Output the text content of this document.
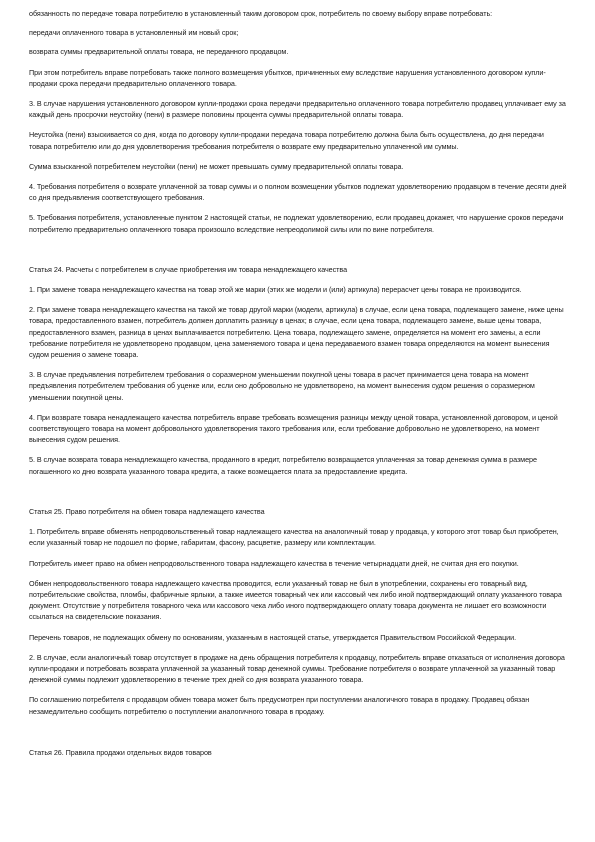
обязанность по передаче товара потребителю в установленный таким договором срок, потребитель по своему выбору вправе потребовать:

передачи оплаченного товара в установленный им новый срок;

возврата суммы предварительной оплаты товара, не переданного продавцом.

При этом потребитель вправе потребовать также полного возмещения убытков, причиненных ему вследствие нарушения установленного договором купли-продажи срока передачи предварительно оплаченного товара.

3. В случае нарушения установленного договором купли-продажи срока передачи предварительно оплаченного товара потребителю продавец уплачивает ему за каждый день просрочки неустойку (пени) в размере половины процента суммы предварительной оплаты товара.

Неустойка (пени) взыскивается со дня, когда по договору купли-продажи передача товара потребителю должна была быть осуществлена, до дня передачи товара потребителю или до дня удовлетворения требования потребителя о возврате ему предварительно уплаченной им суммы.

Сумма взысканной потребителем неустойки (пени) не может превышать сумму предварительной оплаты товара.

4. Требования потребителя о возврате уплаченной за товар суммы и о полном возмещении убытков подлежат удовлетворению продавцом в течение десяти дней со дня предъявления соответствующего требования.

5. Требования потребителя, установленные пунктом 2 настоящей статьи, не подлежат удовлетворению, если продавец докажет, что нарушение сроков передачи потребителю предварительно оплаченного товара произошло вследствие непреодолимой силы или по вине потребителя.

Статья 24. Расчеты с потребителем в случае приобретения им товара ненадлежащего качества

1. При замене товара ненадлежащего качества на товар этой же марки (этих же модели и (или) артикула) перерасчет цены товара не производится.

2. При замене товара ненадлежащего качества на такой же товар другой марки (модели, артикула) в случае, если цена товара, подлежащего замене, ниже цены товара, предоставленного взамен, потребитель должен доплатить разницу в ценах; в случае, если цена товара, подлежащего замене, выше цены товара, предоставленного взамен, разница в ценах выплачивается потребителю. Цена товара, подлежащего замене, определяется на момент его замены, а если требование потребителя не удовлетворено продавцом, цена заменяемого товара и цена передаваемого взамен товара определяются на момент вынесения судом решения о замене товара.

3. В случае предъявления потребителем требования о соразмерном уменьшении покупной цены товара в расчет принимается цена товара на момент предъявления потребителем требования об уценке или, если оно добровольно не удовлетворено, на момент вынесения судом решения о соразмерном уменьшении покупной цены.

4. При возврате товара ненадлежащего качества потребитель вправе требовать возмещения разницы между ценой товара, установленной договором, и ценой соответствующего товара на момент добровольного удовлетворения такого требования или, если требование добровольно не удовлетворено, на момент вынесения судом решения.

5. В случае возврата товара ненадлежащего качества, проданного в кредит, потребителю возвращается уплаченная за товар денежная сумма в размере погашенного ко дню возврата указанного товара кредита, а также возмещается плата за предоставление кредита.

Статья 25. Право потребителя на обмен товара надлежащего качества

1. Потребитель вправе обменять непродовольственный товар надлежащего качества на аналогичный товар у продавца, у которого этот товар был приобретен, если указанный товар не подошел по форме, габаритам, фасону, расцветке, размеру или комплектации.

Потребитель имеет право на обмен непродовольственного товара надлежащего качества в течение четырнадцати дней, не считая дня его покупки.

Обмен непродовольственного товара надлежащего качества проводится, если указанный товар не был в употреблении, сохранены его товарный вид, потребительские свойства, пломбы, фабричные ярлыки, а также имеется товарный чек или кассовый чек либо иной подтверждающий оплату указанного товара документ. Отсутствие у потребителя товарного чека или кассового чека либо иного подтверждающего оплату товара документа не лишает его возможности ссылаться на свидетельские показания.

Перечень товаров, не подлежащих обмену по основаниям, указанным в настоящей статье, утверждается Правительством Российской Федерации.

2. В случае, если аналогичный товар отсутствует в продаже на день обращения потребителя к продавцу, потребитель вправе отказаться от исполнения договора купли-продажи и потребовать возврата уплаченной за указанный товар денежной суммы. Требование потребителя о возврате уплаченной за указанный товар денежной суммы подлежит удовлетворению в течение трех дней со дня возврата указанного товара.

По соглашению потребителя с продавцом обмен товара может быть предусмотрен при поступлении аналогичного товара в продажу. Продавец обязан незамедлительно сообщить потребителю о поступлении аналогичного товара в продажу.

Статья 26. Правила продажи отдельных видов товаров
